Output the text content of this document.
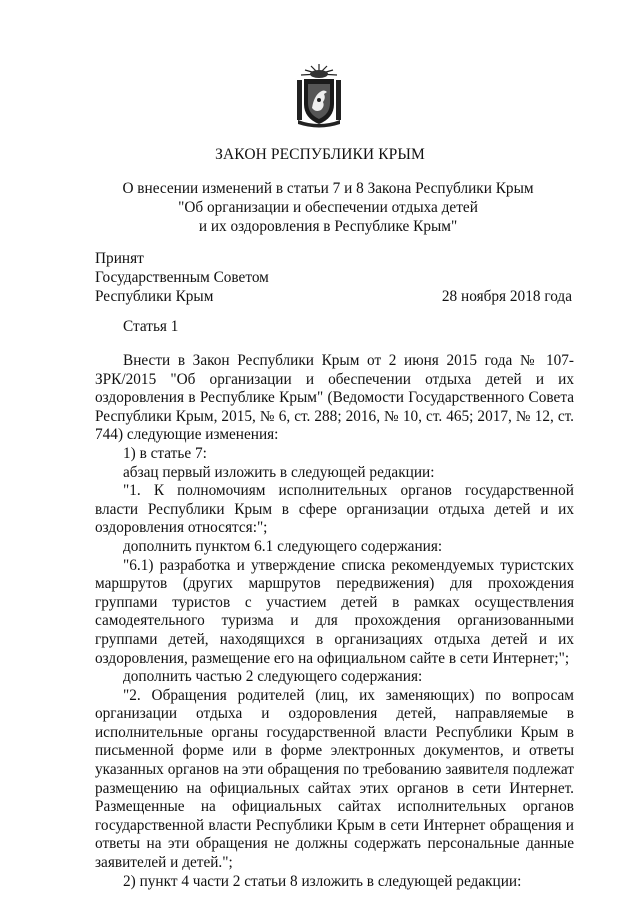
ЗАКОН РЕСПУБЛИКИ КРЫМ
О внесении изменений в статьи 7 и 8 Закона Республики Крым
"Об организации и обеспечении отдыха детей
и их оздоровления в Республике Крым"
Принят
Государственным Советом
Республики Крым	28 ноября 2018 года
Статья 1

Внести в Закон Республики Крым от 2 июня 2015 года № 107-ЗРК/2015 "Об организации и обеспечении отдыха детей и их оздоровления в Республике Крым" (Ведомости Государственного Совета Республики Крым, 2015, № 6, ст. 288; 2016, № 10, ст. 465; 2017, № 12, ст. 744) следующие изменения:

1) в статье 7:

абзац первый изложить в следующей редакции:

"1. К полномочиям исполнительных органов государственной власти Республики Крым в сфере организации отдыха детей и их оздоровления относятся:";

дополнить пунктом 6.1 следующего содержания:

"6.1) разработка и утверждение списка рекомендуемых туристских маршрутов (других маршрутов передвижения) для прохождения группами туристов с участием детей в рамках осуществления самодеятельного туризма и для прохождения организованными группами детей, находящихся в организациях отдыха детей и их оздоровления, размещение его на официальном сайте в сети Интернет;";

дополнить частью 2 следующего содержания:

"2. Обращения родителей (лиц, их заменяющих) по вопросам организации отдыха и оздоровления детей, направляемые в исполнительные органы государственной власти Республики Крым в письменной форме или в форме электронных документов, и ответы указанных органов на эти обращения по требованию заявителя подлежат размещению на официальных сайтах этих органов в сети Интернет. Размещенные на официальных сайтах исполнительных органов государственной власти Республики Крым в сети Интернет обращения и ответы на эти обращения не должны содержать персональные данные заявителей и детей.";

2) пункт 4 части 2 статьи 8 изложить в следующей редакции:
